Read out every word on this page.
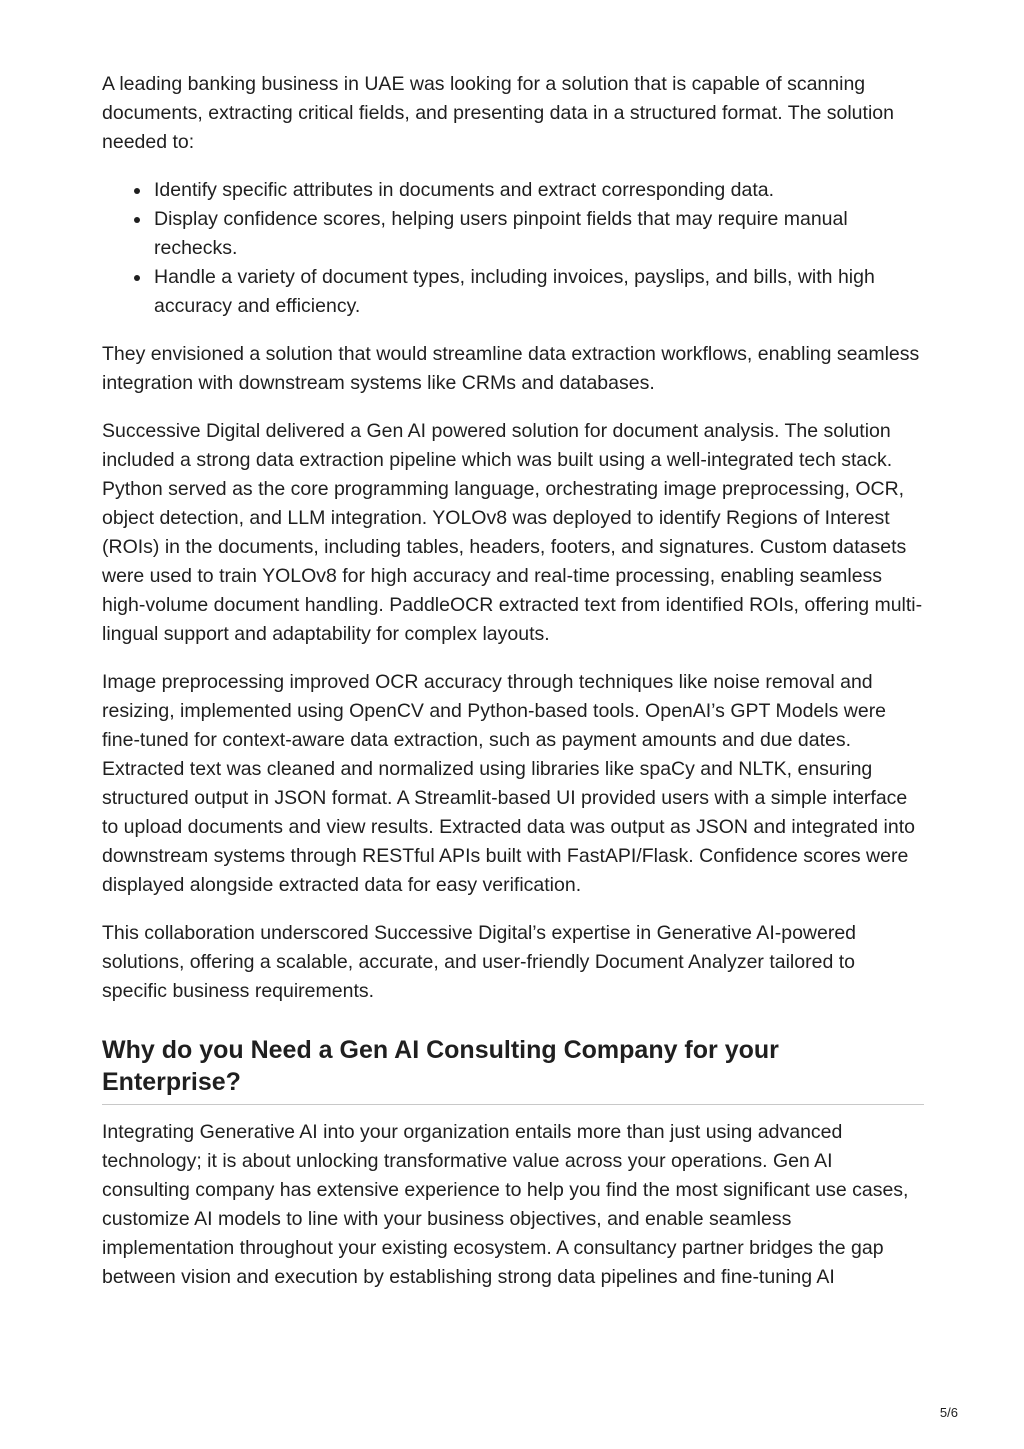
A leading banking business in UAE was looking for a solution that is capable of scanning documents, extracting critical fields, and presenting data in a structured format. The solution needed to:

Identify specific attributes in documents and extract corresponding data.
Display confidence scores, helping users pinpoint fields that may require manual rechecks.
Handle a variety of document types, including invoices, payslips, and bills, with high accuracy and efficiency.

They envisioned a solution that would streamline data extraction workflows, enabling seamless integration with downstream systems like CRMs and databases.

Successive Digital delivered a Gen AI powered solution for document analysis. The solution included a strong data extraction pipeline which was built using a well-integrated tech stack. Python served as the core programming language, orchestrating image preprocessing, OCR, object detection, and LLM integration. YOLOv8 was deployed to identify Regions of Interest (ROIs) in the documents, including tables, headers, footers, and signatures. Custom datasets were used to train YOLOv8 for high accuracy and real-time processing, enabling seamless high-volume document handling. PaddleOCR extracted text from identified ROIs, offering multi-lingual support and adaptability for complex layouts.

Image preprocessing improved OCR accuracy through techniques like noise removal and resizing, implemented using OpenCV and Python-based tools. OpenAI’s GPT Models were fine-tuned for context-aware data extraction, such as payment amounts and due dates. Extracted text was cleaned and normalized using libraries like spaCy and NLTK, ensuring structured output in JSON format. A Streamlit-based UI provided users with a simple interface to upload documents and view results. Extracted data was output as JSON and integrated into downstream systems through RESTful APIs built with FastAPI/Flask. Confidence scores were displayed alongside extracted data for easy verification.

This collaboration underscored Successive Digital’s expertise in Generative AI-powered solutions, offering a scalable, accurate, and user-friendly Document Analyzer tailored to specific business requirements.

Why do you Need a Gen AI Consulting Company for your Enterprise?

Integrating Generative AI into your organization entails more than just using advanced technology; it is about unlocking transformative value across your operations. Gen AI consulting company has extensive experience to help you find the most significant use cases, customize AI models to line with your business objectives, and enable seamless implementation throughout your existing ecosystem. A consultancy partner bridges the gap between vision and execution by establishing strong data pipelines and fine-tuning AI

5/6
